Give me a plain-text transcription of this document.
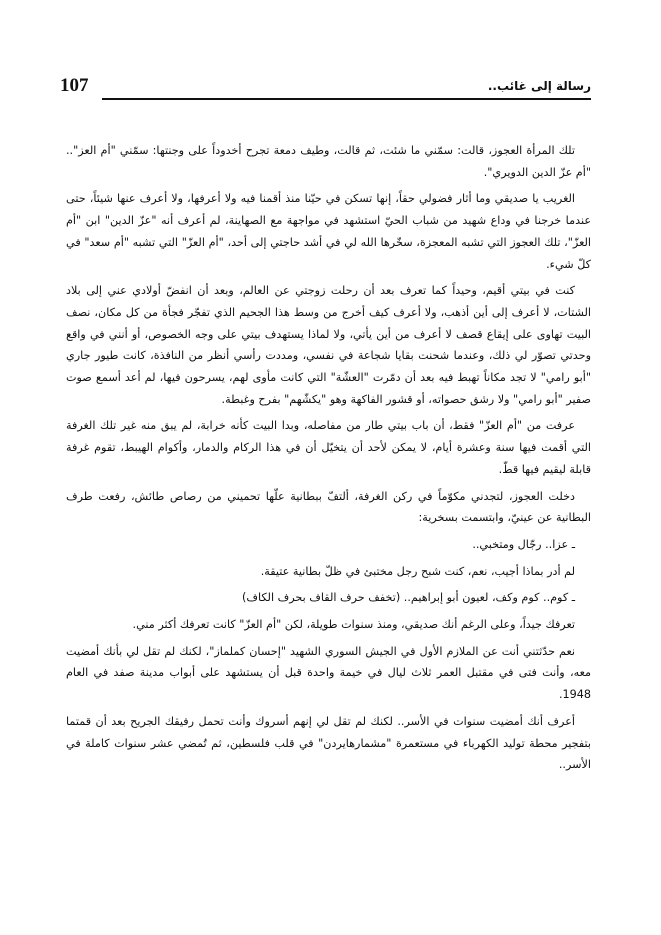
107	رسالة إلى غائب..

تلك المرأة العجوز، قالت: سمّني ما شئت، ثم قالت، وطيف دمعة تجرح أخدوداً على وجنتها: سمّني "أم العز".. "أم عزّ الدين الدويري".

الغريب يا صديقي وما أثار فضولي حقاً، إنها تسكن في حيّنا منذ أقمنا فيه ولا أعرفها، ولا أعرف عنها شيئاً، حتى عندما خرجنا في وداع شهيد من شباب الحيّ استشهد في مواجهة مع الصهاينة، لم أعرف أنه "عزّ الدين" ابن "أم العزّ"، تلك العجوز التي تشبه المعجزة، سخّرها الله لي في أشد حاجتي إلى أحد، "أم العزّ" التي تشبه "أم سعد" في كلّ شيء.

كنت في بيتي أقيم، وحيداً كما تعرف بعد أن رحلت زوجتي عن العالم، وبعد أن انفضّ أولادي عني إلى بلاد الشتات، لا أعرف إلى أين أذهب، ولا أعرف كيف أخرج من وسط هذا الجحيم الذي تفجّر فجأة من كل مكان، نصف البيت تهاوى على إيقاع قصف لا أعرف من أين يأتي، ولا لماذا يستهدف بيتي على وجه الخصوص، أو أنني في واقع وحدتي تصوّر لي ذلك، وعندما شحنت بقايا شجاعة في نفسي، ومددت رأسي أنظر من النافذة، كانت طيور جاري "أبو رامي" لا تجد مكاناً تهبط فيه بعد أن دمّرت "العشّة" التي كانت مأوى لهم، يسرحون فيها، لم أعد أسمع صوت صفير "أبو رامي" ولا رشق حصواته، أو قشور الفاكهة وهو "يكشّهم" بفرح وغبطة.

عرفت من "أم العزّ" فقط، أن باب بيتي طار من مفاصله، وبدا البيت كأنه خرابة، لم يبق منه غير تلك الغرفة التي أقمت فيها سنة وعشرة أيام، لا يمكن لأحد أن يتخيّل أن في هذا الركام والدمار، وأكوام الهيبط، تقوم غرفة قابلة ليقيم فيها قطّ.

دخلت العجوز، لتجدني مكوّماً في ركن الغرفة، ألتفّ ببطانية علّها تحميني من رصاص طائش، رفعت طرف البطانية عن عينيّ، وابتسمت بسخرية:

ـ عزا.. رجّال ومتخبي..

لم أدر بماذا أجيب، نعم، كنت شبح رجل مختبئ في ظلّ بطانية عتيقة.

ـ كوم.. كوم وكف، لعيون أبو إبراهيم.. (تخفف حرف القاف بحرف الكاف)

تعرفك جيداً، وعلى الرغم أنك صديقي، ومنذ سنوات طويلة، لكن "أم العزّ" كانت تعرفك أكثر مني.

نعم حدّثتني أنت عن الملازم الأول في الجيش السوري الشهيد "إحسان كملماز"، لكنك لم تقل لي بأنك أمضيت معه، وأنت فتى في مقتبل العمر ثلاث ليال في خيمة واحدة قبل أن يستشهد على أبواب مدينة صفد في العام 1948.

أعرف أنك أمضيت سنوات في الأسر.. لكنك لم تقل لي إنهم أسروك وأنت تحمل رفيقك الجريح بعد أن قمتما بتفجير محطة توليد الكهرباء في مستعمرة "مشمارهايردن" في قلب فلسطين، ثم تُمضي عشر سنوات كاملة في الأسر..
